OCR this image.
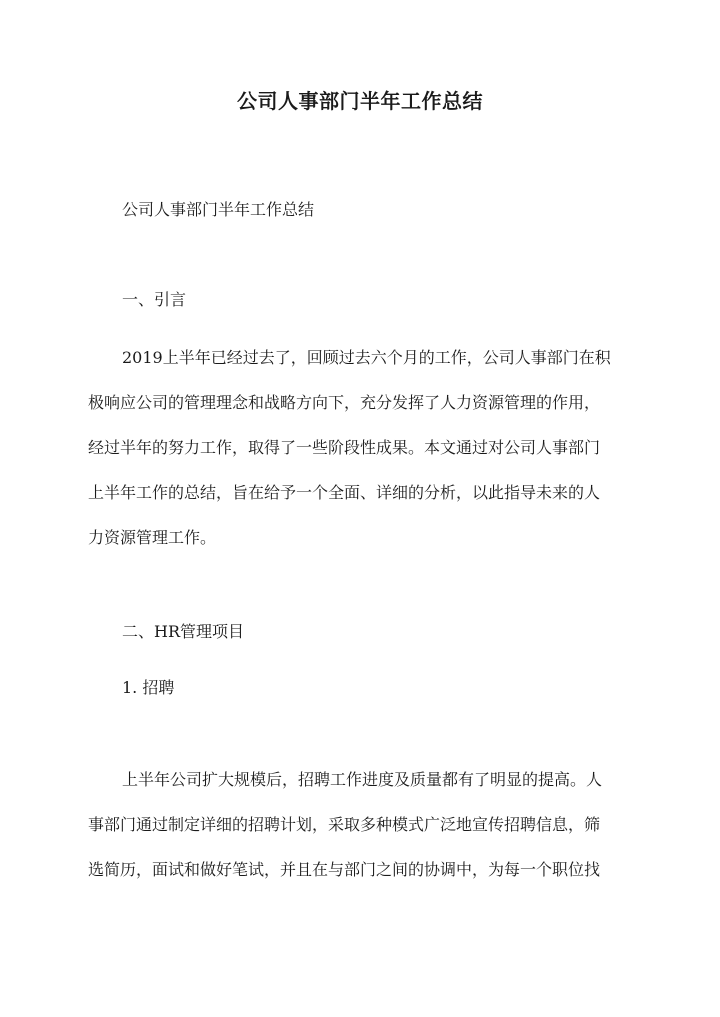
公司人事部门半年工作总结
公司人事部门半年工作总结
一、引言
2019上半年已经过去了，回顾过去六个月的工作，公司人事部门在积
极响应公司的管理理念和战略方向下，充分发挥了人力资源管理的作用，
经过半年的努力工作，取得了一些阶段性成果。本文通过对公司人事部门
上半年工作的总结，旨在给予一个全面、详细的分析，以此指导未来的人
力资源管理工作。
二、HR管理项目
1. 招聘
上半年公司扩大规模后，招聘工作进度及质量都有了明显的提高。人
事部门通过制定详细的招聘计划，采取多种模式广泛地宣传招聘信息，筛
选简历，面试和做好笔试，并且在与部门之间的协调中，为每一个职位找
